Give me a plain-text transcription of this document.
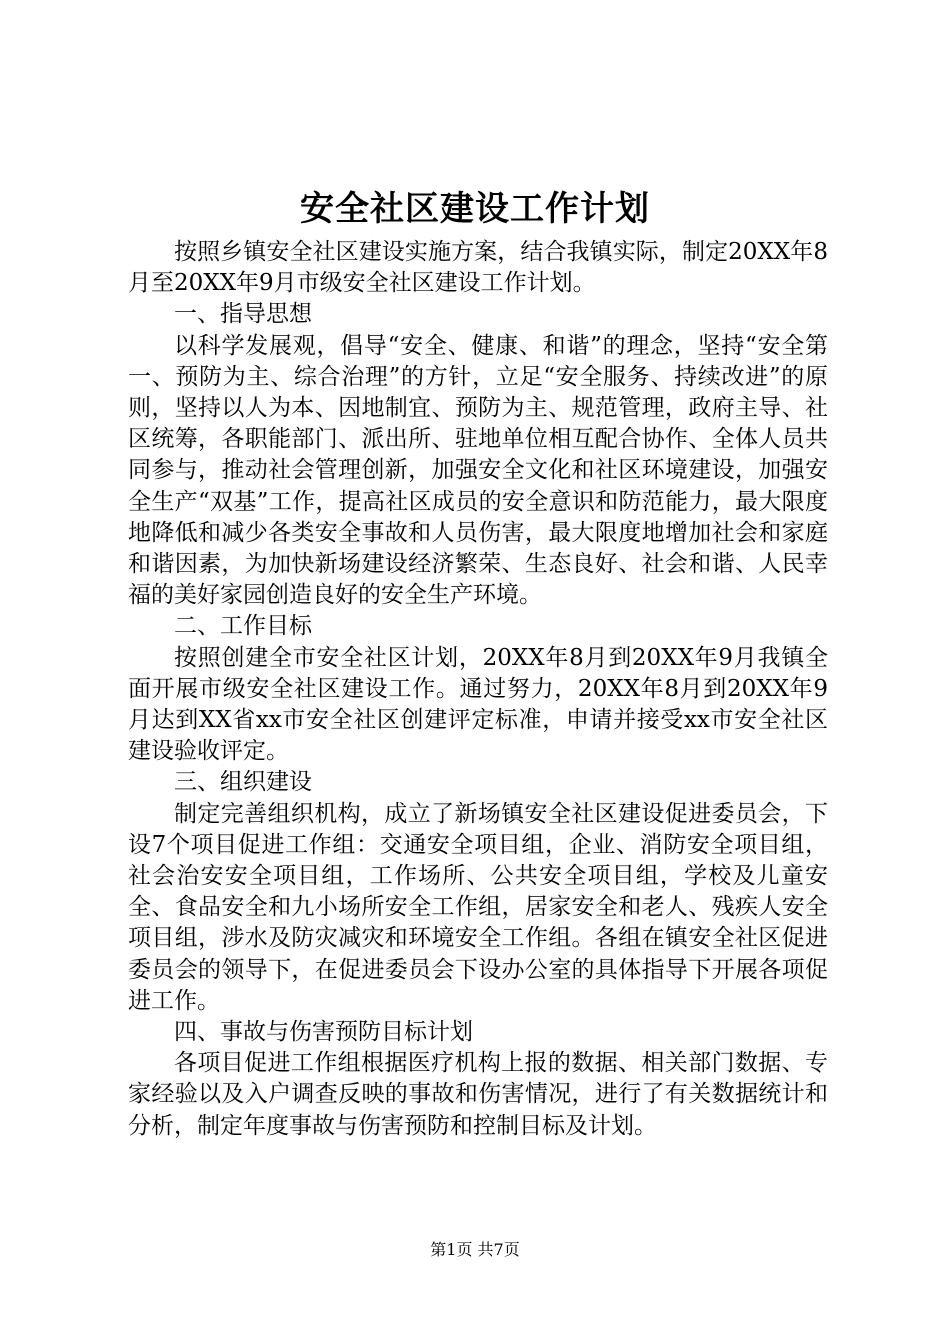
安全社区建设工作计划

按照乡镇安全社区建设实施方案，结合我镇实际，制定20XX年8月至20XX年9月市级安全社区建设工作计划。

一、指导思想

以科学发展观，倡导“安全、健康、和谐”的理念，坚持“安全第一、预防为主、综合治理”的方针，立足“安全服务、持续改进”的原则，坚持以人为本、因地制宜、预防为主、规范管理，政府主导、社区统筹，各职能部门、派出所、驻地单位相互配合协作、全体人员共同参与，推动社会管理创新，加强安全文化和社区环境建设，加强安全生产“双基”工作，提高社区成员的安全意识和防范能力，最大限度地降低和减少各类安全事故和人员伤害，最大限度地增加社会和家庭和谐因素，为加快新场建设经济繁荣、生态良好、社会和谐、人民幸福的美好家园创造良好的安全生产环境。

二、工作目标

按照创建全市安全社区计划，20XX年8月到20XX年9月我镇全面开展市级安全社区建设工作。通过努力，20XX年8月到20XX年9月达到XX省xx市安全社区创建评定标准，申请并接受xx市安全社区建设验收评定。

三、组织建设

制定完善组织机构，成立了新场镇安全社区建设促进委员会，下设7个项目促进工作组：交通安全项目组，企业、消防安全项目组，社会治安安全项目组，工作场所、公共安全项目组，学校及儿童安全、食品安全和九小场所安全工作组，居家安全和老人、残疾人安全项目组，涉水及防灾减灾和环境安全工作组。各组在镇安全社区促进委员会的领导下，在促进委员会下设办公室的具体指导下开展各项促进工作。

四、事故与伤害预防目标计划

各项目促进工作组根据医疗机构上报的数据、相关部门数据、专家经验以及入户调查反映的事故和伤害情况，进行了有关数据统计和分析，制定年度事故与伤害预防和控制目标及计划。

第1页 共7页
